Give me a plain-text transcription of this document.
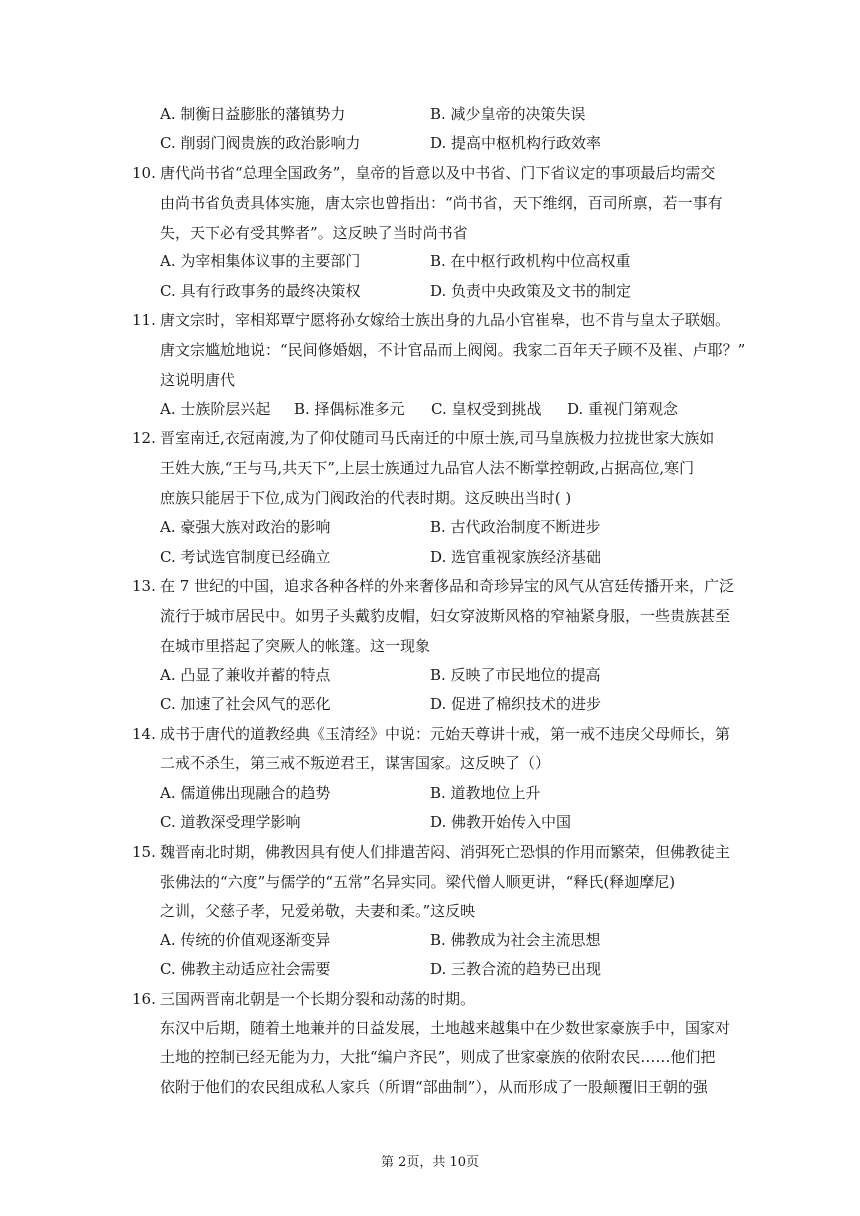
A. 制衡日益膨胀的藩镇势力	B. 减少皇帝的决策失误
C. 削弱门阀贵族的政治影响力	D. 提高中枢机构行政效率
10. 唐代尚书省“总理全国政务”，皇帝的旨意以及中书省、门下省议定的事项最后均需交
由尚书省负责具体实施，唐太宗也曾指出：“尚书省，天下维纲，百司所禀，若一事有
失，天下必有受其弊者”。这反映了当时尚书省
A. 为宰相集体议事的主要部门	B. 在中枢行政机构中位高权重
C. 具有行政事务的最终决策权	D. 负责中央政策及文书的制定
11. 唐文宗时，宰相郑覃宁愿将孙女嫁给士族出身的九品小官崔皋，也不肯与皇太子联姻。
唐文宗尴尬地说：“民间修婚姻，不计官品而上阀阅。我家二百年天子顾不及崔、卢耶？”
这说明唐代
A. 士族阶层兴起 B. 择偶标准多元 C. 皇权受到挑战 D. 重视门第观念
12. 晋室南迁,衣冠南渡,为了仰仗随司马氏南迁的中原士族,司马皇族极力拉拢世家大族如
王姓大族,“王与马,共天下”,上层士族通过九品官人法不断掌控朝政,占据高位,寒门
庶族只能居于下位,成为门阀政治的代表时期。这反映出当时( )
A. 豪强大族对政治的影响	B. 古代政治制度不断进步
C. 考试选官制度已经确立	D. 选官重视家族经济基础
13. 在 7 世纪的中国，追求各种各样的外来奢侈品和奇珍异宝的风气从宫廷传播开来，广泛
流行于城市居民中。如男子头戴豹皮帽，妇女穿波斯风格的窄袖紧身服，一些贵族甚至
在城市里搭起了突厥人的帐篷。这一现象
A. 凸显了兼收并蓄的特点	B. 反映了市民地位的提高
C. 加速了社会风气的恶化	D. 促进了棉织技术的进步
14. 成书于唐代的道教经典《玉清经》中说：元始天尊讲十戒，第一戒不违戾父母师长，第
二戒不杀生，第三戒不叛逆君王，谋害国家。这反映了（）
A. 儒道佛出现融合的趋势	B. 道教地位上升
C. 道教深受理学影响	D. 佛教开始传入中国
15. 魏晋南北时期，佛教因具有使人们排遣苦闷、消弭死亡恐惧的作用而繁荣，但佛教徒主
张佛法的“六度”与儒学的“五常”名异实同。梁代僧人顺更讲，“释氏(释迦摩尼)
之训，父慈子孝，兄爱弟敬，夫妻和柔。”这反映
A. 传统的价值观逐渐变异	B. 佛教成为社会主流思想
C. 佛教主动适应社会需要	D. 三教合流的趋势已出现
16. 三国两晋南北朝是一个长期分裂和动荡的时期。
东汉中后期，随着土地兼并的日益发展，土地越来越集中在少数世家豪族手中，国家对
土地的控制已经无能为力，大批“编户齐民”，则成了世家豪族的依附农民……他们把
依附于他们的农民组成私人家兵（所谓“部曲制”），从而形成了一股颠覆旧王朝的强
第 2页，共 10页
